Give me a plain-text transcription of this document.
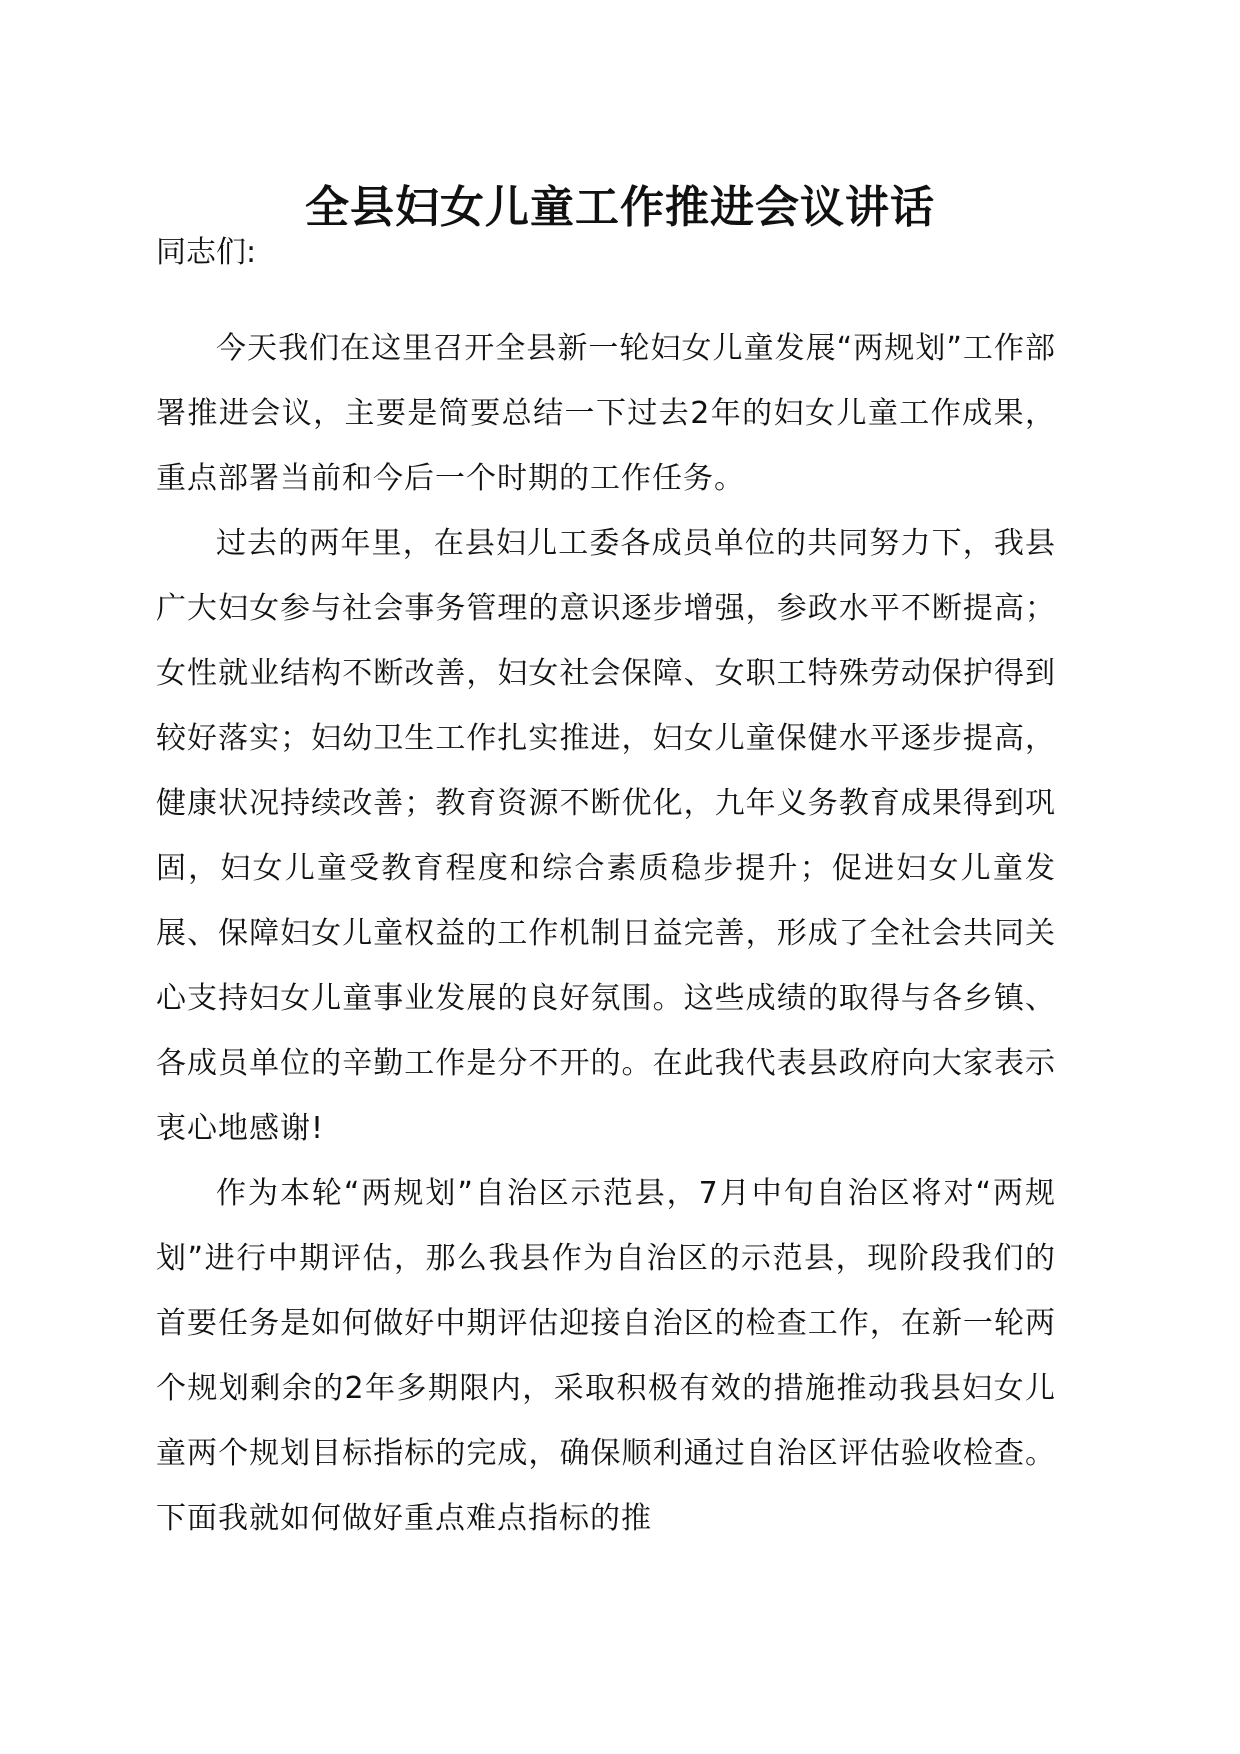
全县妇女儿童工作推进会议讲话

同志们:

今天我们在这里召开全县新一轮妇女儿童发展“两规划”工作部署推进会议，主要是简要总结一下过去2年的妇女儿童工作成果，重点部署当前和今后一个时期的工作任务。

过去的两年里，在县妇儿工委各成员单位的共同努力下，我县广大妇女参与社会事务管理的意识逐步增强，参政水平不断提高；女性就业结构不断改善，妇女社会保障、女职工特殊劳动保护得到较好落实；妇幼卫生工作扎实推进，妇女儿童保健水平逐步提高，健康状况持续改善；教育资源不断优化，九年义务教育成果得到巩固，妇女儿童受教育程度和综合素质稳步提升；促进妇女儿童发展、保障妇女儿童权益的工作机制日益完善，形成了全社会共同关心支持妇女儿童事业发展的良好氛围。这些成绩的取得与各乡镇、各成员单位的辛勤工作是分不开的。在此我代表县政府向大家表示衷心地感谢!

作为本轮“两规划”自治区示范县，7月中旬自治区将对“两规划”进行中期评估，那么我县作为自治区的示范县，现阶段我们的首要任务是如何做好中期评估迎接自治区的检查工作，在新一轮两个规划剩余的2年多期限内，采取积极有效的措施推动我县妇女儿童两个规划目标指标的完成，确保顺利通过自治区评估验收检查。下面我就如何做好重点难点指标的推
